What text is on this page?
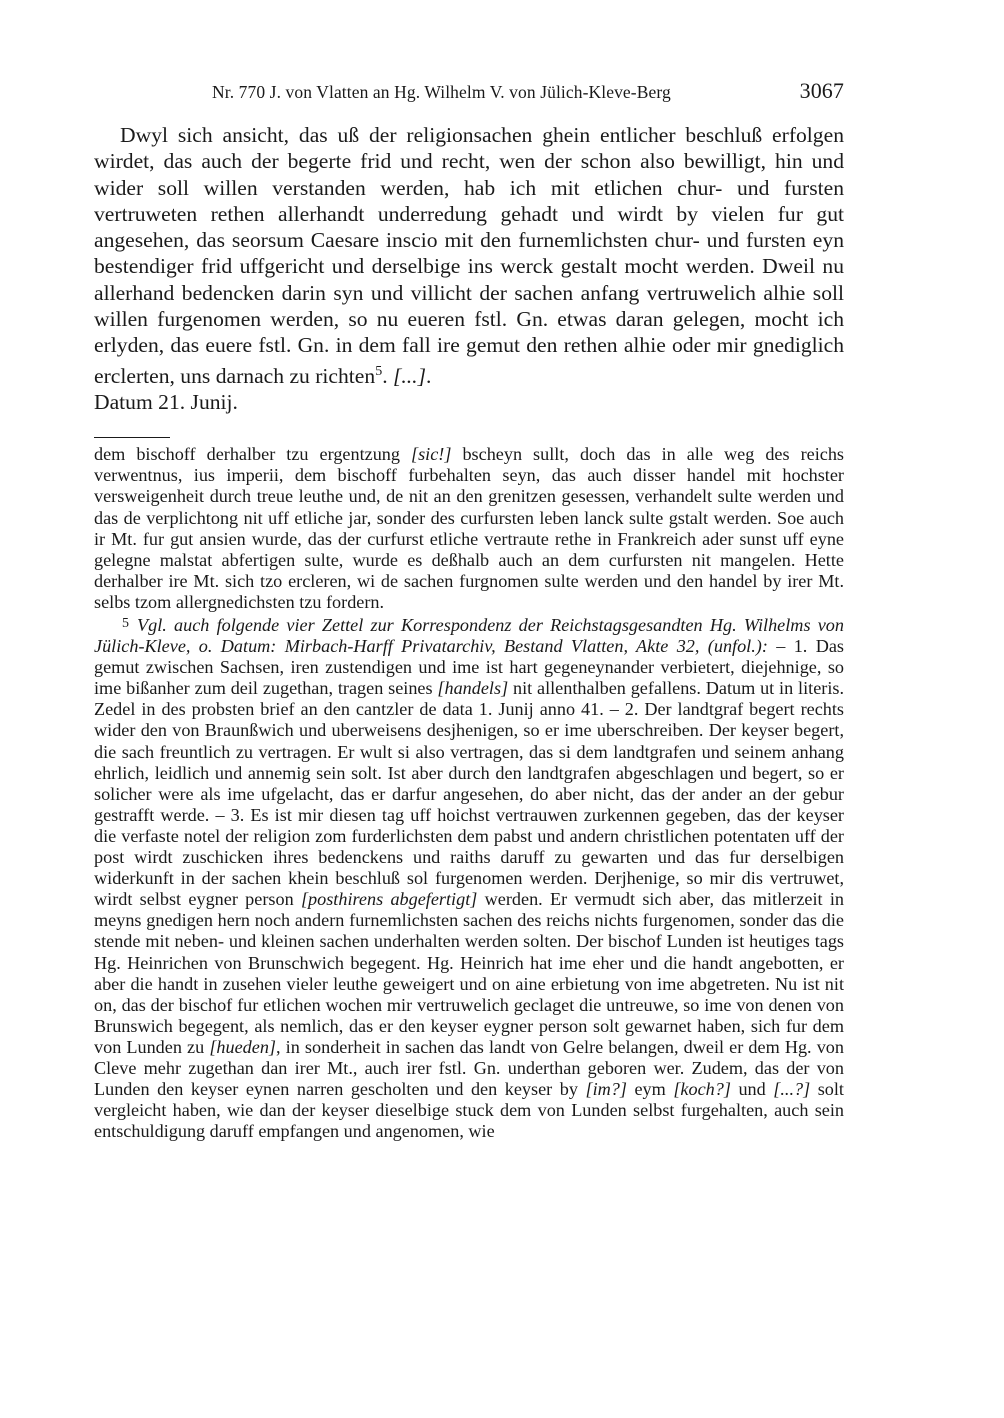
Nr. 770 J. von Vlatten an Hg. Wilhelm V. von Jülich-Kleve-Berg	3067
Dwyl sich ansicht, das uß der religionsachen ghein entlicher beschluß erfolgen wirdet, das auch der begerte frid und recht, wen der schon also bewilligt, hin und wider soll willen verstanden werden, hab ich mit etlichen chur- und fursten vertruweten rethen allerhandt underredung gehadt und wirdt by vielen fur gut angesehen, das seorsum Caesare inscio mit den furnemlichsten chur- und fursten eyn bestendiger frid uffgericht und derselbige ins werck gestalt mocht werden. Dweil nu allerhand bedencken darin syn und villicht der sachen anfang vertruwelich alhie soll willen furgenomen werden, so nu eueren fstl. Gn. etwas daran gelegen, mocht ich erlyden, das euere fstl. Gn. in dem fall ire gemut den rethen alhie oder mir gnediglich erclerten, uns darnach zu richten$^5$. [...].
Datum 21. Junij.

dem bischoff derhalber tzu ergentzung [sic!] bscheyn sullt, doch das in alle weg des reichs verwentnus, ius imperii, dem bischoff furbehalten seyn, das auch disser handel mit hochster versweigenheit durch treue leuthe und, de nit an den grenitzen gesessen, verhandelt sulte werden und das de verplichtong nit uff etliche jar, sonder des curfursten leben lanck sulte gstalt werden. Soe auch ir Mt. fur gut ansien wurde, das der curfurst etliche vertraute rethe in Frankreich ader sunst uff eyne gelegne malstat abfertigen sulte, wurde es deßhalb auch an dem curfursten nit mangelen. Hette derhalber ire Mt. sich tzo ercleren, wi de sachen furgnomen sulte werden und den handel by irer Mt. selbs tzom allergnedichsten tzu fordern.

$^5$ Vgl. auch folgende vier Zettel zur Korrespondenz der Reichstagsgesandten Hg. Wilhelms von Jülich-Kleve, o. Datum: Mirbach-Harff Privatarchiv, Bestand Vlatten, Akte 32, (unfol.): – 1. Das gemut zwischen Sachsen, iren zustendigen und ime ist hart gegeneynander verbietert, diejehnige, so ime bißanher zum deil zugethan, tragen seines [handels] nit allenthalben gefallens. Datum ut in literis. Zedel in des probsten brief an den cantzler de data 1. Junij anno 41. – 2. Der landtgraf begert rechts wider den von Braunßwich und uberweisens desjhenigen, so er ime uberschreiben. Der keyser begert, die sach freuntlich zu vertragen. Er wult si also vertragen, das si dem landtgrafen und seinem anhang ehrlich, leidlich und annemig sein solt. Ist aber durch den landtgrafen abgeschlagen und begert, so er solicher were als ime ufgelacht, das er darfur angesehen, do aber nicht, das der ander an der gebur gestrafft werde. – 3. Es ist mir diesen tag uff hoichst vertrauwen zurkennen gegeben, das der keyser die verfaste notel der religion zom furderlichsten dem pabst und andern christlichen potentaten uff der post wirdt zuschicken ihres bedenckens und raiths daruff zu gewarten und das fur derselbigen widerkunft in der sachen khein beschluß sol furgenomen werden. Derjhenige, so mir dis vertruwet, wirdt selbst eygner person [posthirens abgefertigt] werden. Er vermudt sich aber, das mitlerzeit in meyns gnedigen hern noch andern furnemlichsten sachen des reichs nichts furgenomen, sonder das die stende mit neben- und kleinen sachen underhalten werden solten. Der bischof Lunden ist heutiges tags Hg. Heinrichen von Brunschwich begegent. Hg. Heinrich hat ime eher und die handt angebotten, er aber die handt in zusehen vieler leuthe geweigert und on aine erbietung von ime abgetreten. Nu ist nit on, das der bischof fur etlichen wochen mir vertruwelich geclaget die untreuwe, so ime von denen von Brunswich begegent, als nemlich, das er den keyser eygner person solt gewarnet haben, sich fur dem von Lunden zu [hueden], in sonderheit in sachen das landt von Gelre belangen, dweil er dem Hg. von Cleve mehr zugethan dan irer Mt., auch irer fstl. Gn. underthan geboren wer. Zudem, das der von Lunden den keyser eynen narren gescholten und den keyser by [im?] eym [koch?] und [...?] solt vergleicht haben, wie dan der keyser dieselbige stuck dem von Lunden selbst furgehalten, auch sein entschuldigung daruff empfangen und angenomen, wie
